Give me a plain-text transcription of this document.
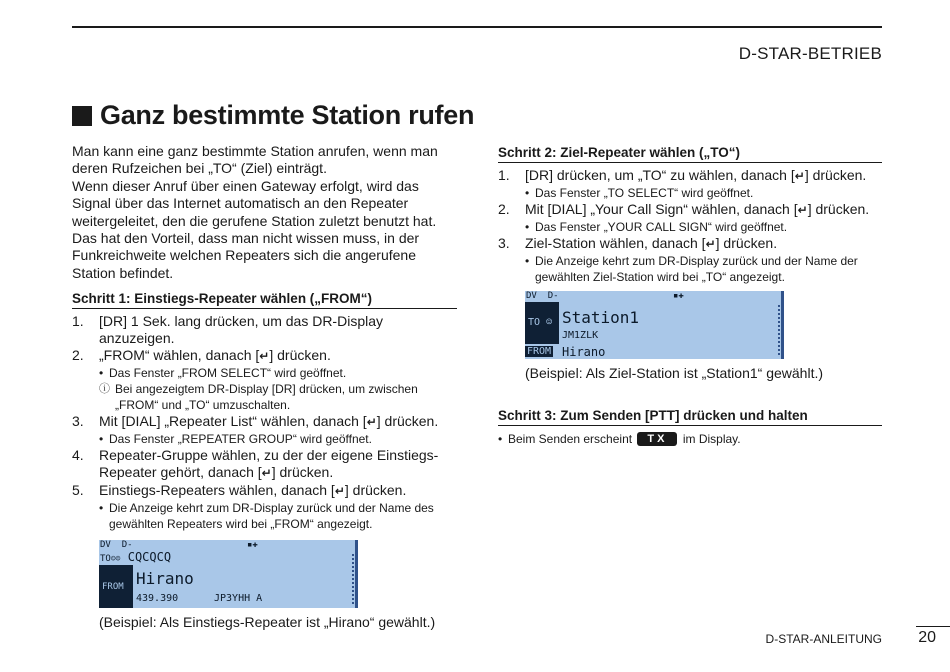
D-STAR-BETRIEB
Ganz bestimmte Station rufen

Man kann eine ganz bestimmte Station anrufen, wenn man deren Rufzeichen bei „TO“ (Ziel) einträgt.

Wenn dieser Anruf über einen Gateway erfolgt, wird das Signal über das Internet automatisch an den Repeater weitergeleitet, den die gerufene Station zuletzt benutzt hat. Das hat den Vorteil, dass man nicht wissen muss, in der Funkreichweite welchen Repeaters sich die angerufene Station befindet.

Schritt 1: Einstiegs-Repeater wählen („FROM“)
1. [DR] 1 Sek. lang drücken, um das DR-Display anzuzeigen.
2. „FROM“ wählen, danach [↵] drücken.
• Das Fenster „FROM SELECT“ wird geöffnet.
ⓘ Bei angezeigtem DR-Display [DR] drücken, um zwischen „FROM“ und „TO“ umzuschalten.
3. Mit [DIAL] „Repeater List“ wählen, danach [↵] drücken.
• Das Fenster „REPEATER GROUP“ wird geöffnet.
4. Repeater-Gruppe wählen, zu der der eigene Einstiegs-Repeater gehört, danach [↵] drücken.
5. Einstiegs-Repeaters wählen, danach [↵] drücken.
• Die Anzeige kehrt zum DR-Display zurück und der Name des gewählten Repeaters wird bei „FROM“ angezeigt.
DV D-	▪✚
TO☺☺ CQCQCQ
FROM Hirano
439.390	JP3YHH A
(Beispiel: Als Einstiegs-Repeater ist „Hirano“ gewählt.)
Schritt 2: Ziel-Repeater wählen („TO“)
1. [DR] drücken, um „TO“ zu wählen, danach [↵] drücken.
• Das Fenster „TO SELECT“ wird geöffnet.
2. Mit [DIAL] „Your Call Sign“ wählen, danach [↵] drücken.
• Das Fenster „YOUR CALL SIGN“ wird geöffnet.
3. Ziel-Station wählen, danach [↵] drücken.
• Die Anzeige kehrt zum DR-Display zurück und der Name der gewählten Ziel-Station wird bei „TO“ angezeigt.
DV D-	▪✚
TO ☺ Station1
JM1ZLK
FROM Hirano
(Beispiel: Als Ziel-Station ist „Station1“ gewählt.)
Schritt 3: Zum Senden [PTT] drücken und halten
• Beim Senden erscheint TX im Display.
D-STAR-ANLEITUNG 20
